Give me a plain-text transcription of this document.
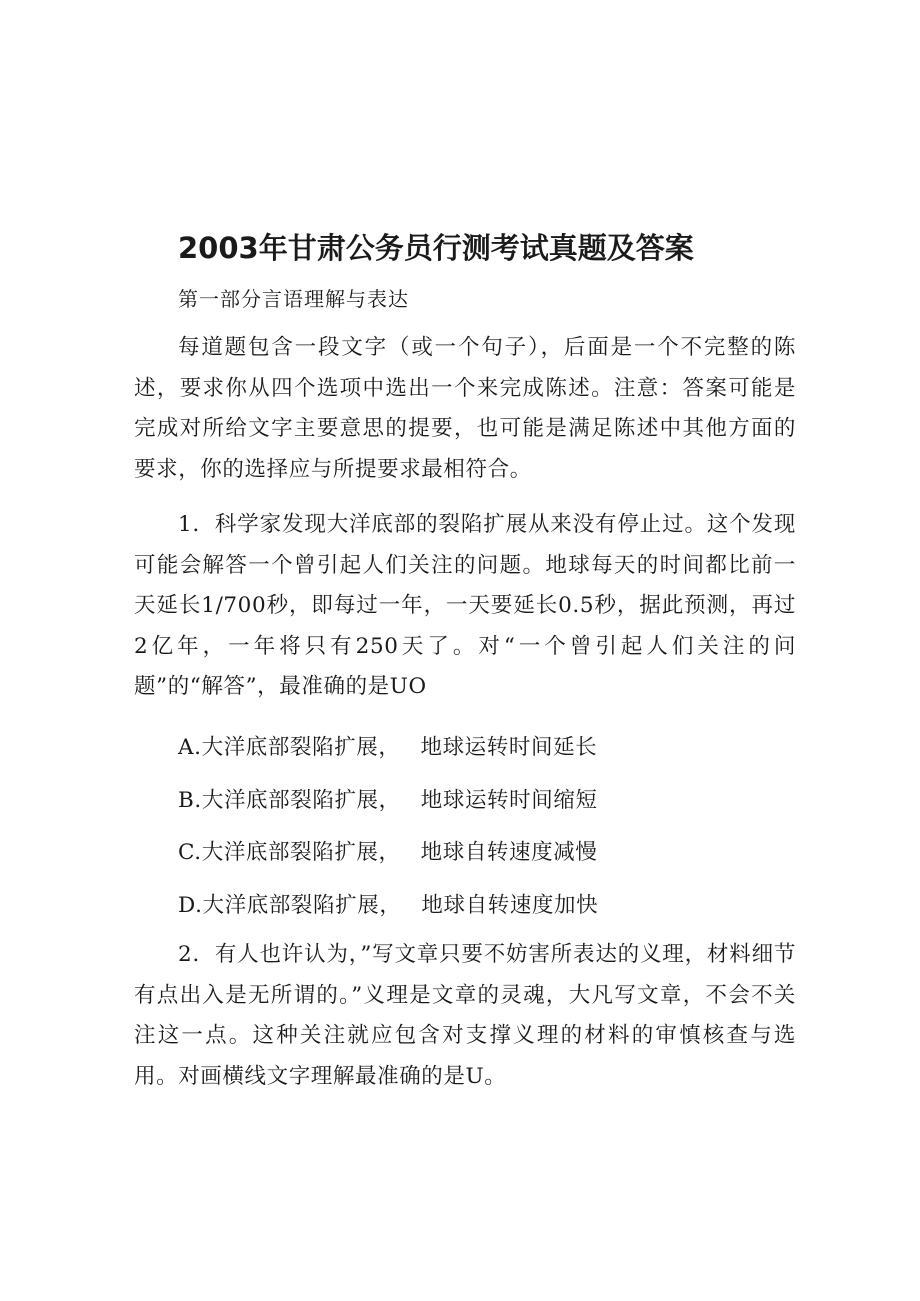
2003年甘肃公务员行测考试真题及答案
第一部分言语理解与表达
每道题包含一段文字（或一个句子），后面是一个不完整的陈述，要求你从四个选项中选出一个来完成陈述。注意：答案可能是完成对所给文字主要意思的提要，也可能是满足陈述中其他方面的要求，你的选择应与所提要求最相符合。
1．科学家发现大洋底部的裂陷扩展从来没有停止过。这个发现可能会解答一个曾引起人们关注的问题。地球每天的时间都比前一天延长1/700秒，即每过一年，一天要延长0.5秒，据此预测，再过2亿年，一年将只有250天了。对“一个曾引起人们关注的问题”的“解答”，最准确的是UO
A.大洋底部裂陷扩展， 地球运转时间延长
B.大洋底部裂陷扩展， 地球运转时间缩短
C.大洋底部裂陷扩展， 地球自转速度减慢
D.大洋底部裂陷扩展， 地球自转速度加快
2．有人也许认为，”写文章只要不妨害所表达的义理，材料细节有点出入是无所谓的。”义理是文章的灵魂，大凡写文章，不会不关注这一点。这种关注就应包含对支撑义理的材料的审慎核查与选用。对画横线文字理解最准确的是U。
